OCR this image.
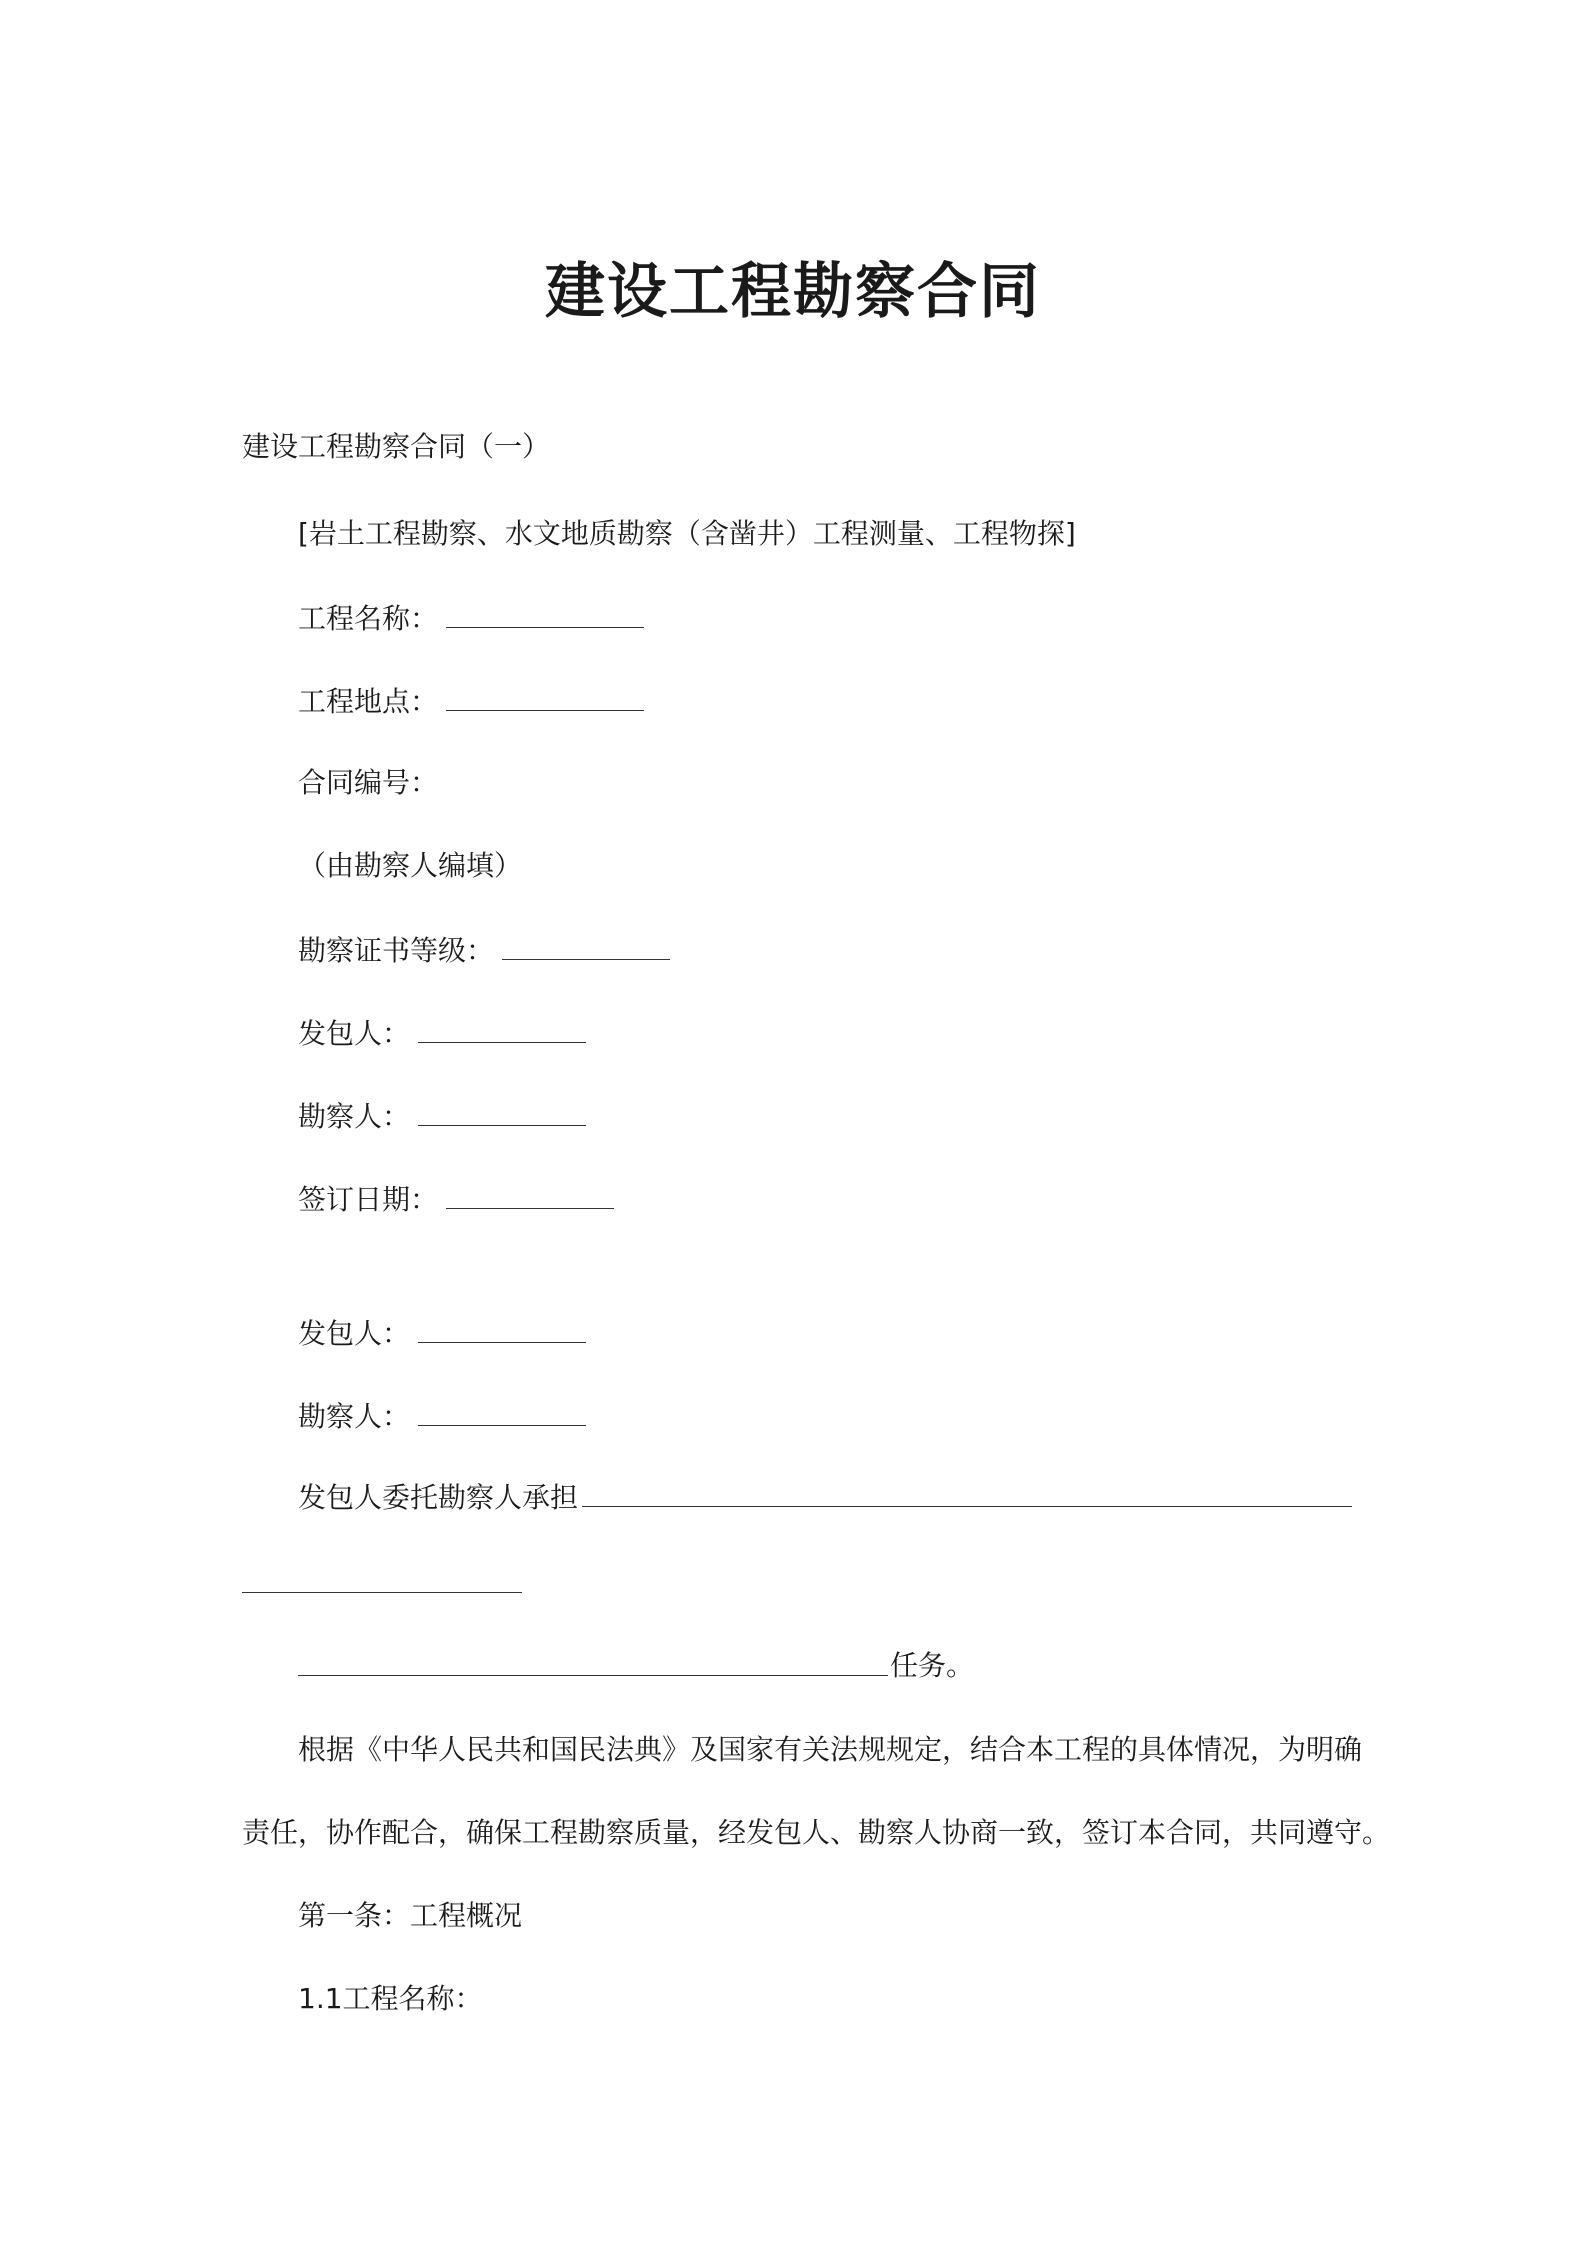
建设工程勘察合同
建设工程勘察合同（一）
[岩土工程勘察、水文地质勘察（含凿井）工程测量、工程物探]
工程名称：
工程地点：
合同编号：
（由勘察人编填）
勘察证书等级：
发包人：
勘察人：
签订日期：
发包人：
勘察人：
发包人委托勘察人承担
任务。
根据《中华人民共和国民法典》及国家有关法规规定，结合本工程的具体情况，为明确
责任，协作配合，确保工程勘察质量，经发包人、勘察人协商一致，签订本合同，共同遵守。
第一条：工程概况
1.1工程名称：
